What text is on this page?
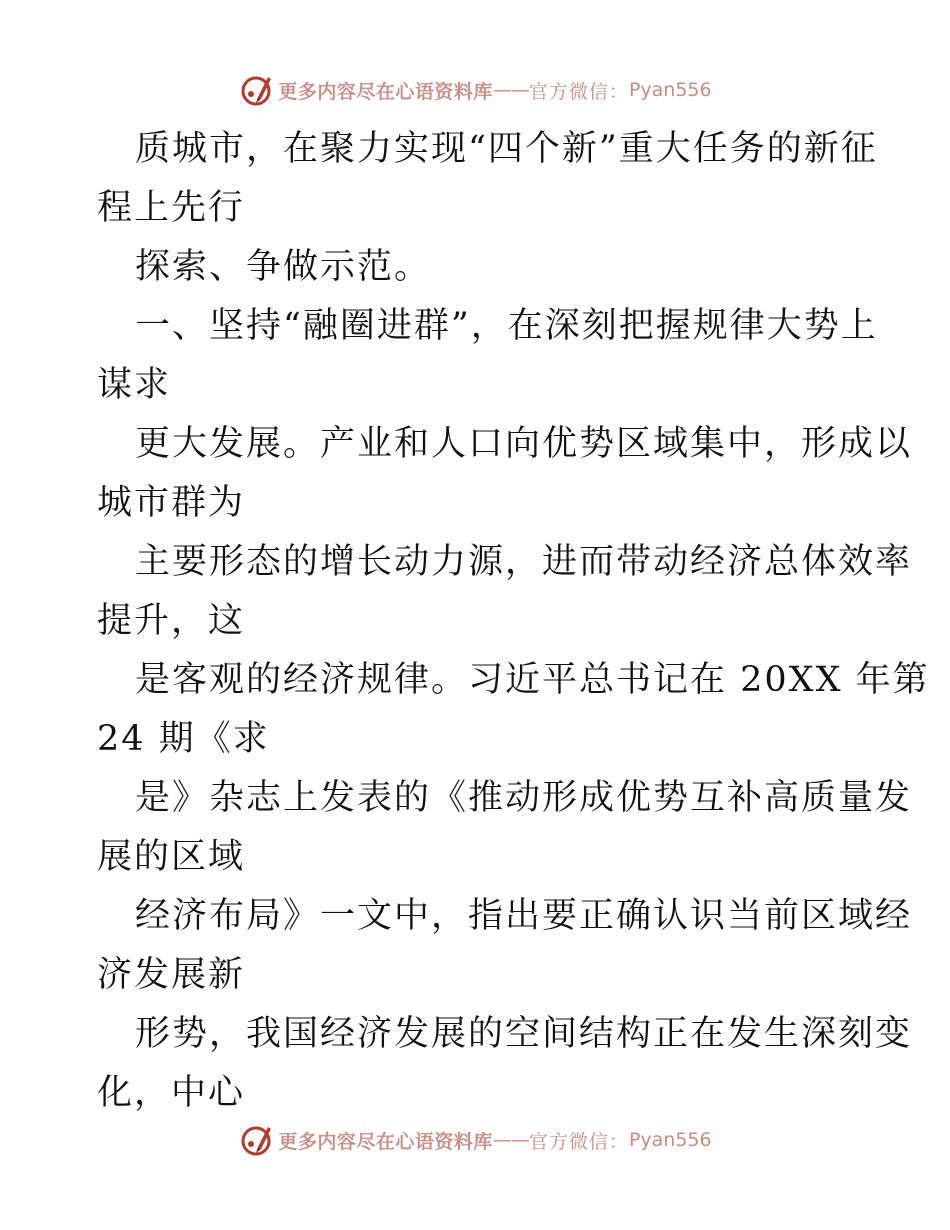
更多内容尽在心语资料库 —— 官方微信： Pyan556
质城市，在聚力实现“四个新”重大任务的新征
程上先行
探索、争做示范。
一、坚持“融圈进群”，在深刻把握规律大势上
谋求
更大发展。产业和人口向优势区域集中，形成以
城市群为
主要形态的增长动力源，进而带动经济总体效率
提升，这
是客观的经济规律。习近平总书记在 20XX 年第
24 期《求
是》杂志上发表的《推动形成优势互补高质量发
展的区域
经济布局》一文中，指出要正确认识当前区域经
济发展新
形势，我国经济发展的空间结构正在发生深刻变
化，中心
更多内容尽在心语资料库 —— 官方微信： Pyan556
